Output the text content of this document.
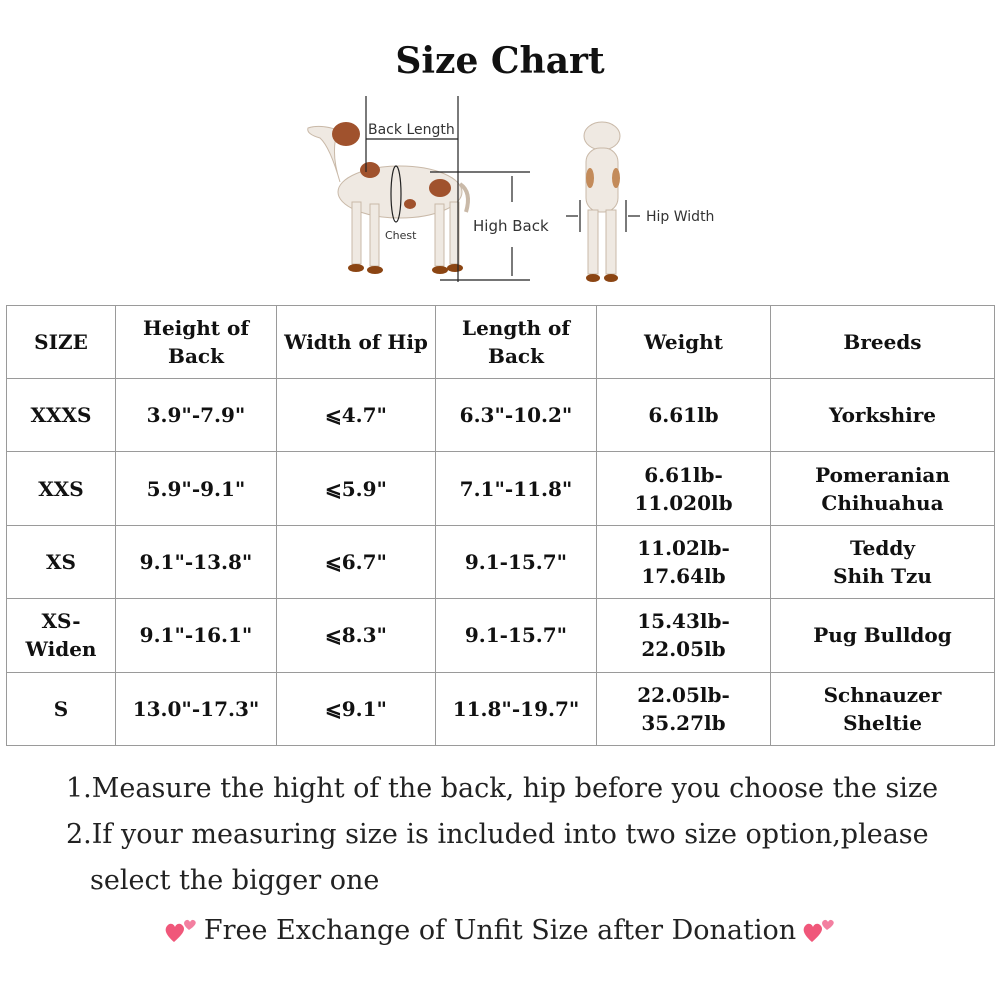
Size Chart
Back Length
Chest
High Back	Hip Width
SIZE	Height of Back	Width of Hip	Length of Back	Weight	Breeds
XXXS	3.9"-7.9"	⩽4.7"	6.3"-10.2"	6.61lb	Yorkshire

XXS	5.9"-9.1"	⩽5.9"	7.1"-11.8"	6.61lb-11.020lb	Pomeranian
Chihuahua

XS	9.1"-13.8"	⩽6.7"	9.1-15.7"	11.02lb-17.64lb	Teddy
Shih Tzu

XS-Widen	9.1"-16.1"	⩽8.3"	9.1-15.7"	15.43lb-22.05lb	Pug Bulldog

S	13.0"-17.3"	⩽9.1"	11.8"-19.7"	22.05lb-35.27lb	Schnauzer
Sheltie

1.Measure the hight of the back, hip before you choose the size

2.If your measuring size is included into two size option,please

select the bigger one

Free Exchange of Unfit Size after Donation
